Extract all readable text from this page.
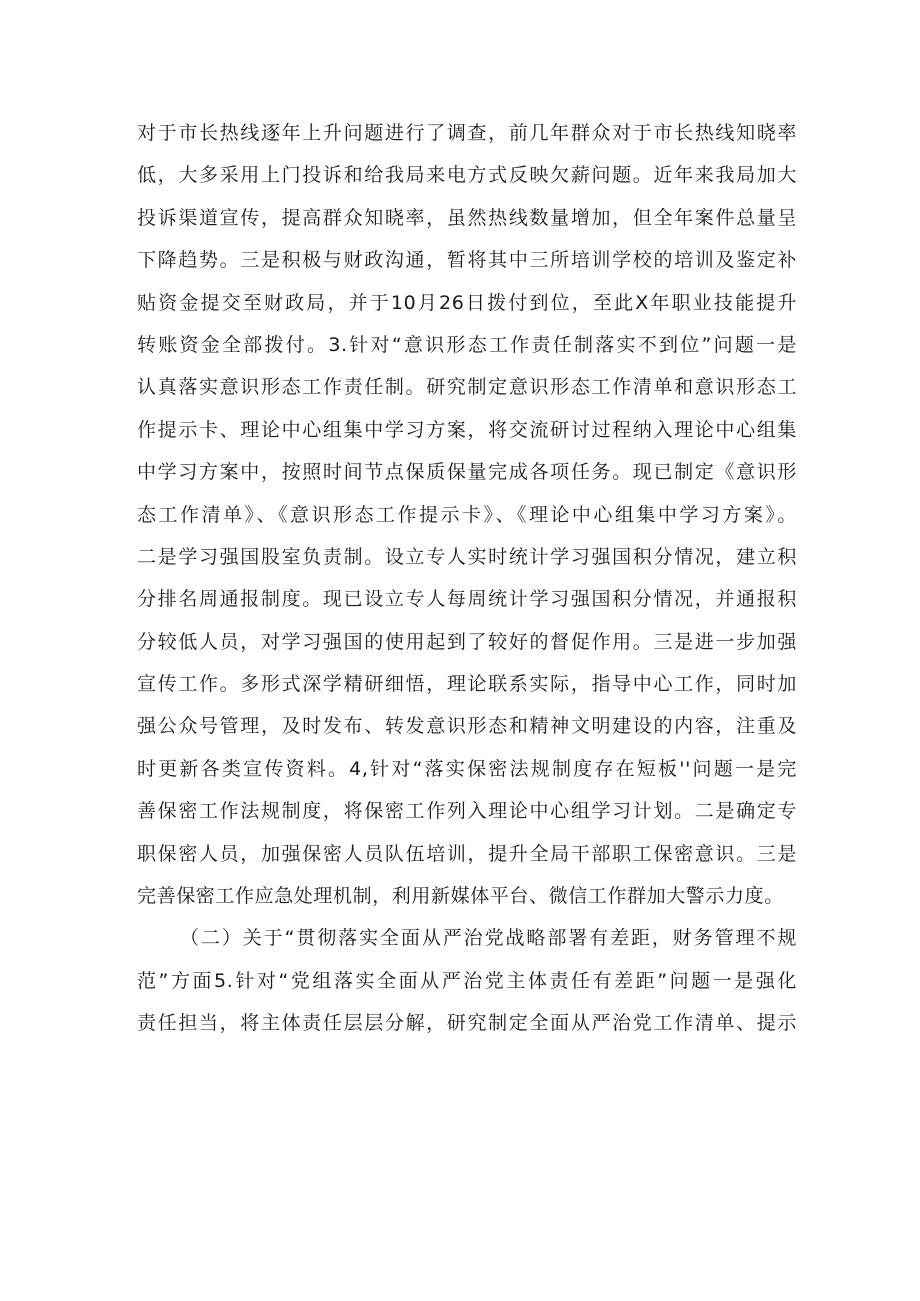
对于市长热线逐年上升问题进行了调查，前几年群众对于市长热线知晓率
低，大多采用上门投诉和给我局来电方式反映欠薪问题。近年来我局加大
投诉渠道宣传，提高群众知晓率，虽然热线数量增加，但全年案件总量呈
下降趋势。三是积极与财政沟通，暂将其中三所培训学校的培训及鉴定补
贴资金提交至财政局，并于10月26日拨付到位，至此X年职业技能提升
转账资金全部拨付。3.针对“意识形态工作责任制落实不到位”问题一是
认真落实意识形态工作责任制。研究制定意识形态工作清单和意识形态工
作提示卡、理论中心组集中学习方案，将交流研讨过程纳入理论中心组集
中学习方案中，按照时间节点保质保量完成各项任务。现已制定《意识形
态工作清单》、《意识形态工作提示卡》、《理论中心组集中学习方案》。
二是学习强国股室负责制。设立专人实时统计学习强国积分情况，建立积
分排名周通报制度。现已设立专人每周统计学习强国积分情况，并通报积
分较低人员，对学习强国的使用起到了较好的督促作用。三是进一步加强
宣传工作。多形式深学精研细悟，理论联系实际，指导中心工作，同时加
强公众号管理，及时发布、转发意识形态和精神文明建设的内容，注重及
时更新各类宣传资料。4,针对“落实保密法规制度存在短板''问题一是完
善保密工作法规制度，将保密工作列入理论中心组学习计划。二是确定专
职保密人员，加强保密人员队伍培训，提升全局干部职工保密意识。三是
完善保密工作应急处理机制，利用新媒体平台、微信工作群加大警示力度。
（二）关于“贯彻落实全面从严治党战略部署有差距，财务管理不规
范”方面5.针对“党组落实全面从严治党主体责任有差距”问题一是强化
责任担当，将主体责任层层分解，研究制定全面从严治党工作清单、提示
